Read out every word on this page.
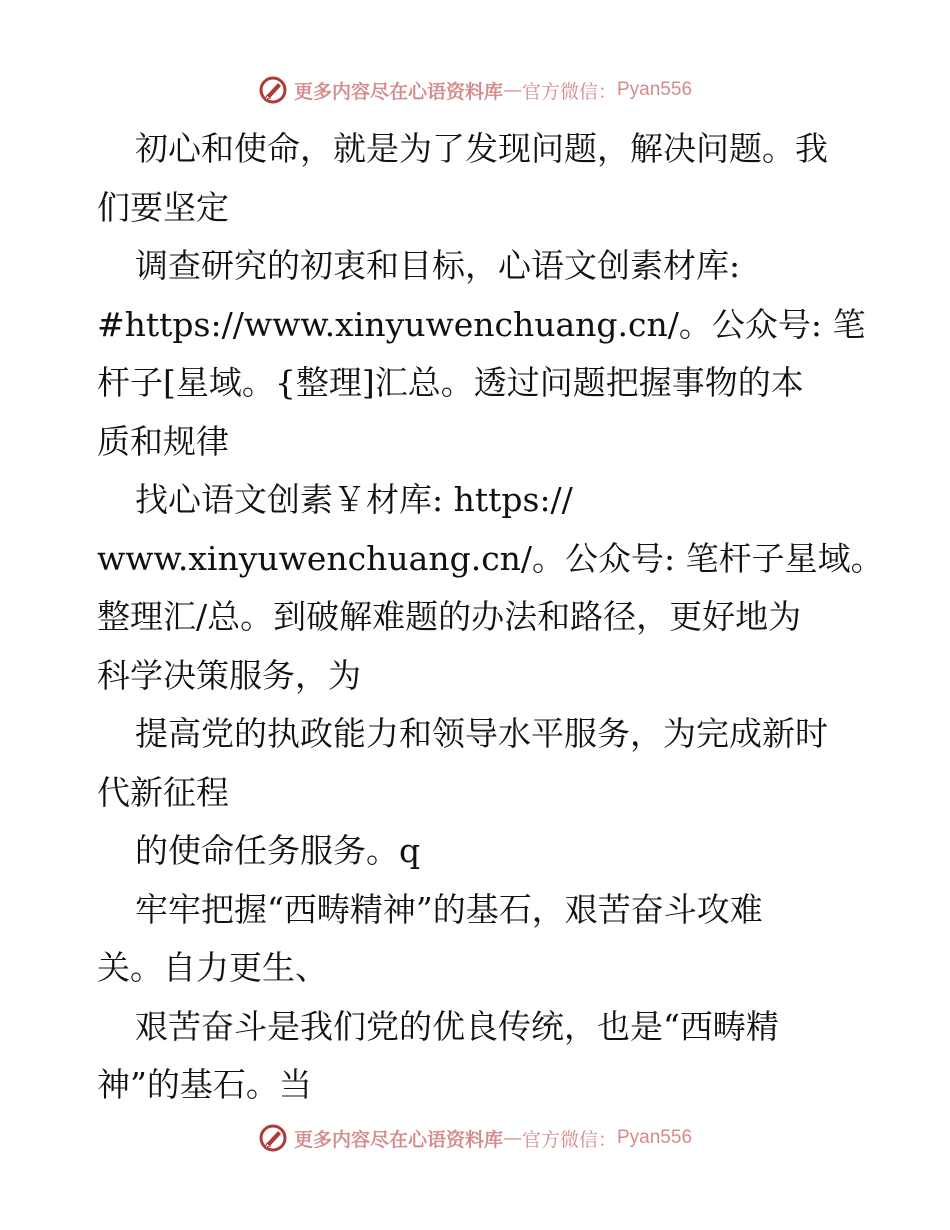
更多内容尽在心语资料库 — 官方微信： Pyan556
初心和使命，就是为了发现问题，解决问题。我
们要坚定
调查研究的初衷和目标，心语文创素材库:
#https://www.xinyuwenchuang.cn/。公众号: 笔
杆子[星域。{整理]汇总。透过问题把握事物的本
质和规律
找心语文创素￥材库: https://
www.xinyuwenchuang.cn/。公众号: 笔杆子星域。
整理汇/总。到破解难题的办法和路径，更好地为
科学决策服务，为
提高党的执政能力和领导水平服务，为完成新时
代新征程
的使命任务服务。q
牢牢把握“西畴精神”的基石，艰苦奋斗攻难
关。自力更生、
艰苦奋斗是我们党的优良传统，也是“西畴精
神”的基石。当
更多内容尽在心语资料库 — 官方微信： Pyan556
